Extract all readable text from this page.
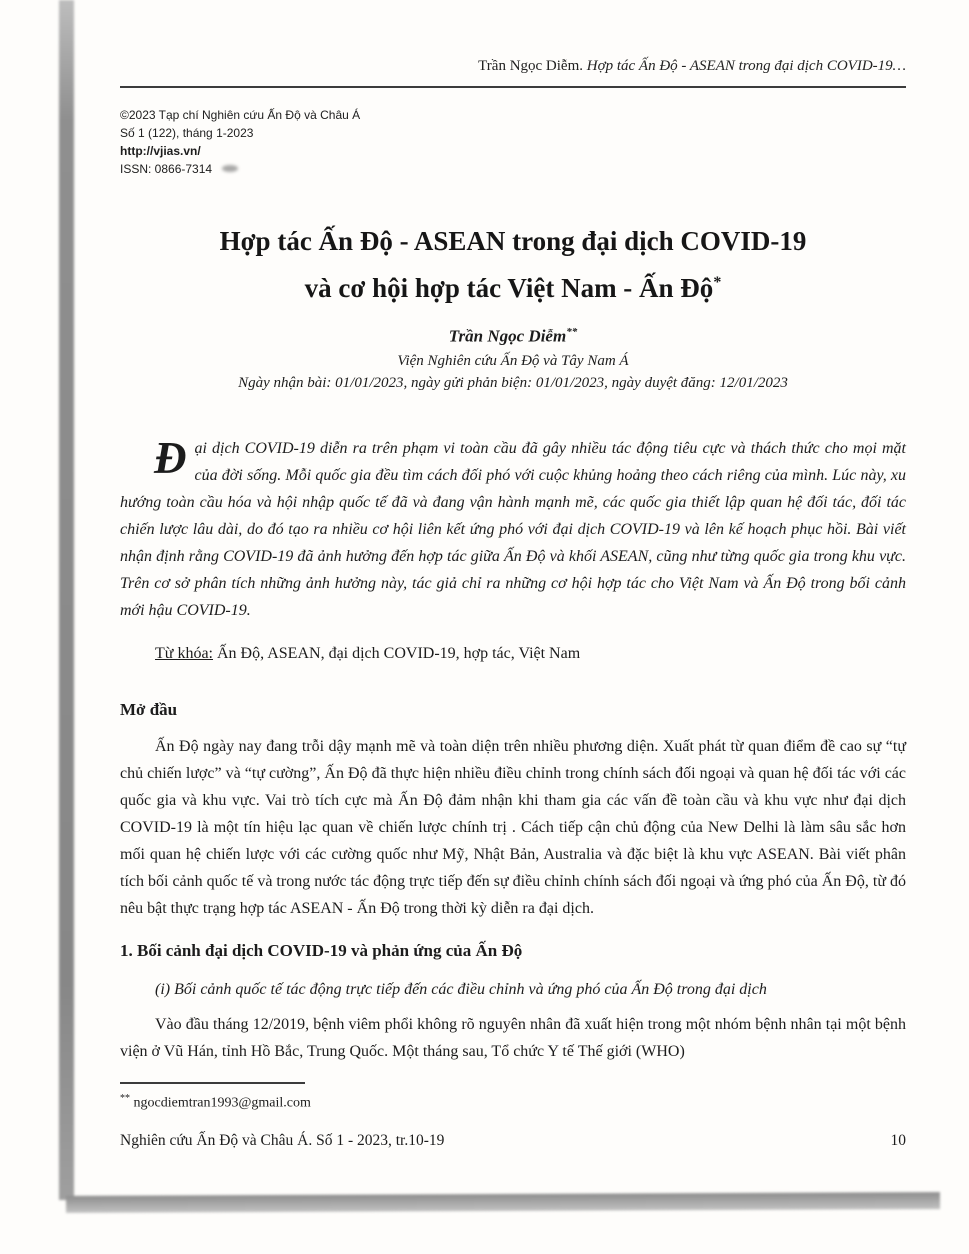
Trần Ngọc Diễm. Hợp tác Ấn Độ - ASEAN trong đại dịch COVID-19…
©2023 Tạp chí Nghiên cứu Ấn Độ và Châu Á
Số 1 (122), tháng 1-2023
http://vjias.vn/
ISSN: 0866-7314
Hợp tác Ấn Độ - ASEAN trong đại dịch COVID-19
và cơ hội hợp tác Việt Nam - Ấn Độ*
Trần Ngọc Diễm**
Viện Nghiên cứu Ấn Độ và Tây Nam Á
Ngày nhận bài: 01/01/2023, ngày gửi phản biện: 01/01/2023, ngày duyệt đăng: 12/01/2023

Đại dịch COVID-19 diễn ra trên phạm vi toàn cầu đã gây nhiều tác động tiêu cực và thách thức cho mọi mặt của đời sống. Mỗi quốc gia đều tìm cách đối phó với cuộc khủng hoảng theo cách riêng của mình. Lúc này, xu hướng toàn cầu hóa và hội nhập quốc tế đã và đang vận hành mạnh mẽ, các quốc gia thiết lập quan hệ đối tác, đối tác chiến lược lâu dài, do đó tạo ra nhiều cơ hội liên kết ứng phó với đại dịch COVID-19 và lên kế hoạch phục hồi. Bài viết nhận định rằng COVID-19 đã ảnh hưởng đến hợp tác giữa Ấn Độ và khối ASEAN, cũng như từng quốc gia trong khu vực. Trên cơ sở phân tích những ảnh hưởng này, tác giả chỉ ra những cơ hội hợp tác cho Việt Nam và Ấn Độ trong bối cảnh mới hậu COVID-19.

Từ khóa: Ấn Độ, ASEAN, đại dịch COVID-19, hợp tác, Việt Nam
Mở đầu

Ấn Độ ngày nay đang trỗi dậy mạnh mẽ và toàn diện trên nhiều phương diện. Xuất phát từ quan điểm đề cao sự “tự chủ chiến lược” và “tự cường”, Ấn Độ đã thực hiện nhiều điều chỉnh trong chính sách đối ngoại và quan hệ đối tác với các quốc gia và khu vực. Vai trò tích cực mà Ấn Độ đảm nhận khi tham gia các vấn đề toàn cầu và khu vực như đại dịch COVID-19 là một tín hiệu lạc quan về chiến lược chính trị . Cách tiếp cận chủ động của New Delhi là làm sâu sắc hơn mối quan hệ chiến lược với các cường quốc như Mỹ, Nhật Bản, Australia và đặc biệt là khu vực ASEAN. Bài viết phân tích bối cảnh quốc tế và trong nước tác động trực tiếp đến sự điều chỉnh chính sách đối ngoại và ứng phó của Ấn Độ, từ đó nêu bật thực trạng hợp tác ASEAN - Ấn Độ trong thời kỳ diễn ra đại dịch.

1. Bối cảnh đại dịch COVID-19 và phản ứng của Ấn Độ

(i) Bối cảnh quốc tế tác động trực tiếp đến các điều chỉnh và ứng phó của Ấn Độ trong đại dịch

Vào đầu tháng 12/2019, bệnh viêm phổi không rõ nguyên nhân đã xuất hiện trong một nhóm bệnh nhân tại một bệnh viện ở Vũ Hán, tỉnh Hồ Bắc, Trung Quốc. Một tháng sau, Tổ chức Y tế Thế giới (WHO)

** ngocdiemtran1993@gmail.com
Nghiên cứu Ấn Độ và Châu Á. Số 1 - 2023, tr.10-19	10
